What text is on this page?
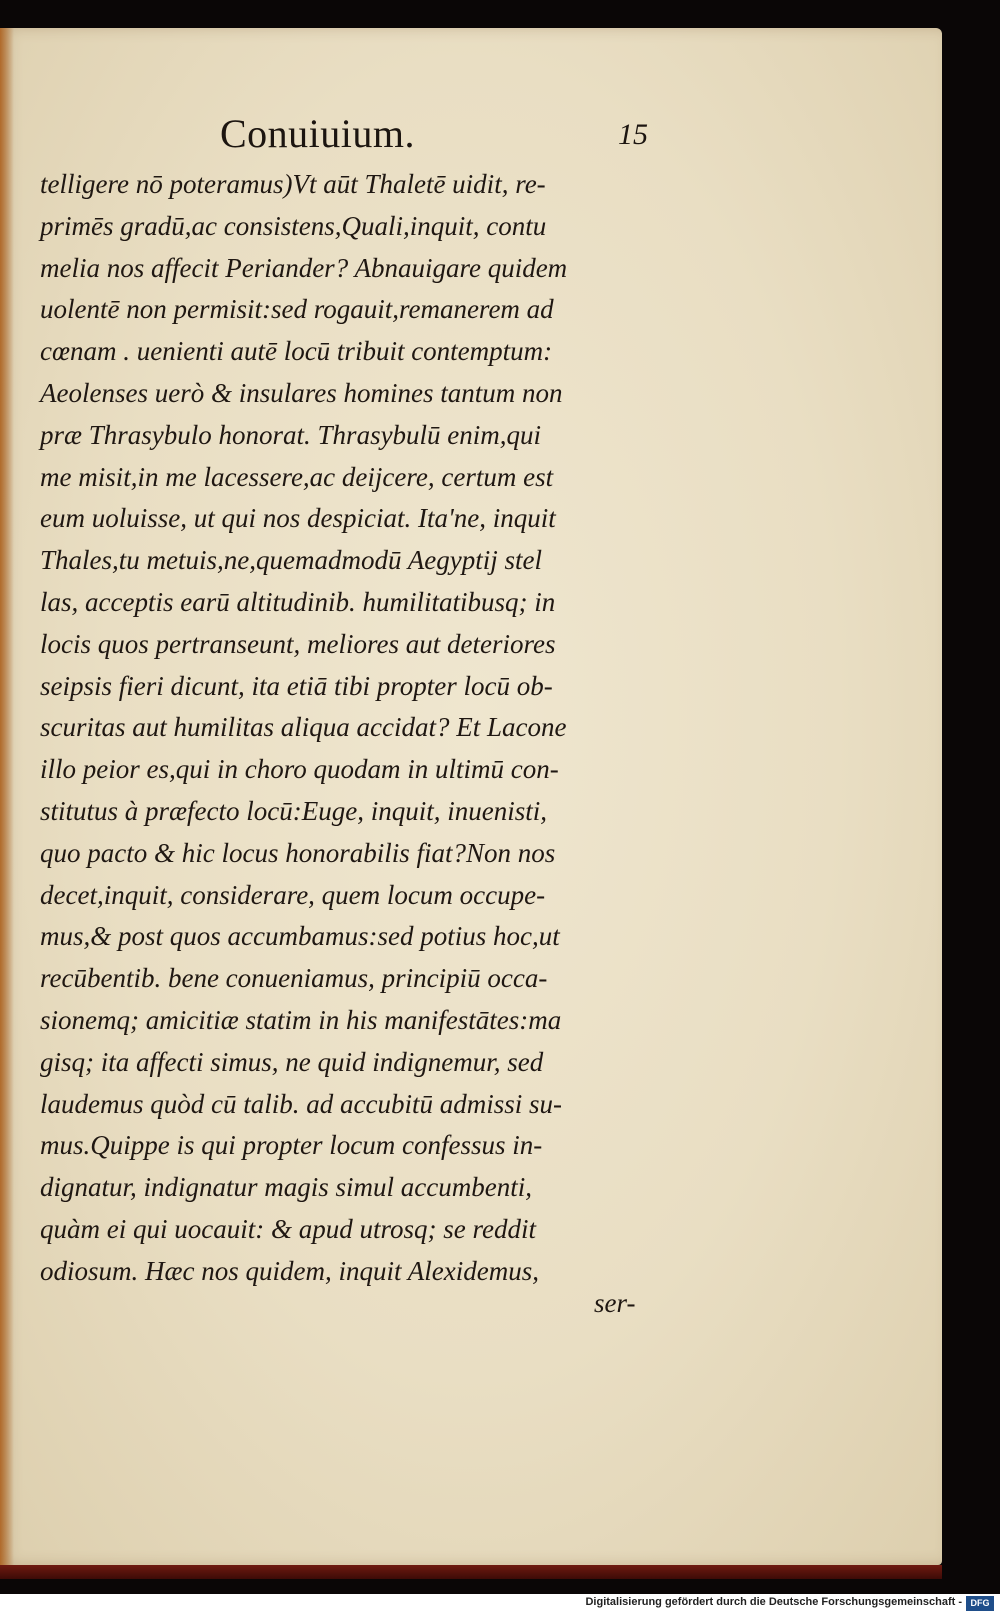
Conuiuium.	15
telligere nō poteramus)Vt aūt Thaletē uidit, re-
primēs gradū,ac consistens,Quali,inquit, contu
melia nos affecit Periander? Abnauigare quidem
uolentē non permisit:sed rogauit,remanerem ad
cœnam . uenienti autē locū tribuit contemptum:
Aeolenses uerò & insulares homines tantum non
præ Thrasybulo honorat. Thrasybulū enim,qui
me misit,in me lacessere,ac deijcere, certum est
eum uoluisse, ut qui nos despiciat. Ita'ne, inquit
Thales,tu metuis,ne,quemadmodū Aegyptij stel
las, acceptis earū altitudinib. humilitatibusq; in
locis quos pertranseunt, meliores aut deteriores
seipsis fieri dicunt, ita etiā tibi propter locū ob-
scuritas aut humilitas aliqua accidat? Et Lacone
illo peior es,qui in choro quodam in ultimū con-
stitutus à præfecto locū:Euge, inquit, inuenisti,
quo pacto & hic locus honorabilis fiat?Non nos
decet,inquit, considerare, quem locum occupe-
mus,& post quos accumbamus:sed potius hoc,ut
recūbentib. bene conueniamus, principiū occa-
sionemq; amicitiæ statim in his manifestātes:ma
gisq; ita affecti simus, ne quid indignemur, sed
laudemus quòd cū talib. ad accubitū admissi su-
mus.Quippe is qui propter locum confessus in-
dignatur, indignatur magis simul accumbenti,
quàm ei qui uocauit: & apud utrosq; se reddit
odiosum. Hæc nos quidem, inquit Alexidemus,
ser-
Digitalisierung gefördert durch die Deutsche Forschungsgemeinschaft - DFG
